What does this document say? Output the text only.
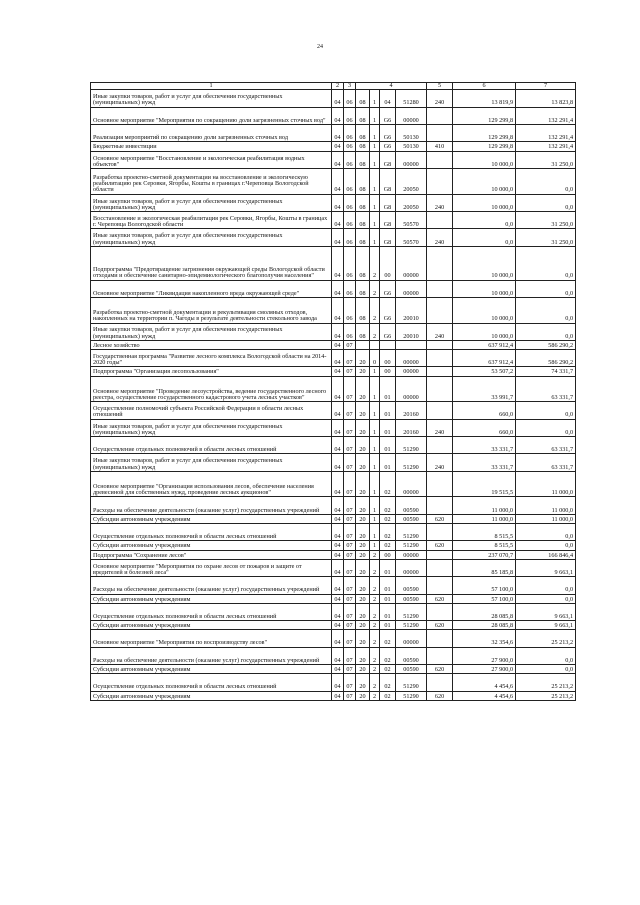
24
1	2	3	4				5	6	7
Иные закупки товаров, работ и услуг для обеспечения государственных (муниципальных) нужд	04	06	08	1	04	51280	240	13 819,9	13 823,8
Основное мероприятие "Мероприятия по сокращению доли загрязненных сточных вод"	04	06	08	1	G6	00000		129 299,8	132 291,4
Реализация мероприятий по сокращению доли загрязненных сточных вод	04	06	08	1	G6	50130		129 299,8	132 291,4
Бюджетные инвестиции	04	06	08	1	G6	50130	410	129 299,8	132 291,4
Основное мероприятие "Восстановление и экологическая реабилитация водных объектов"	04	06	08	1	G8	00000		10 000,0	31 250,0
Разработка проектно-сметной документации на восстановление и экологическую реабилитацию рек Серовки, Ягорбы, Кошты в границах г.Череповца Вологодской области	04	06	08	1	G8	20050		10 000,0	0,0
Иные закупки товаров, работ и услуг для обеспечения государственных (муниципальных) нужд	04	06	08	1	G8	20050	240	10 000,0	0,0
Восстановление и экологическая реабилитация рек Серовки, Ягорбы, Кошты в границах г. Череповца Вологодской области	04	06	08	1	G8	50570		0,0	31 250,0
Иные закупки товаров, работ и услуг для обеспечения государственных (муниципальных) нужд	04	06	08	1	G8	50570	240	0,0	31 250,0
Подпрограмма "Предотвращение загрязнения окружающей среды Вологодской области отходами и обеспечение санитарно-эпидемиологического благополучия населения"	04	06	08	2	00	00000		10 000,0	0,0
Основное мероприятие "Ликвидация накопленного вреда окружающей среде"	04	06	08	2	G6	00000		10 000,0	0,0
Разработка проектно-сметной документации и рекультивация смоляных отходов, накопленных на территории п. Чагоды в результате деятельности стекольного завода	04	06	08	2	G6	20010		10 000,0	0,0
Иные закупки товаров, работ и услуг для обеспечения государственных (муниципальных) нужд	04	06	08	2	G6	20010	240	10 000,0	0,0
Лесное хозяйство	04	07						637 912,4	586 290,2
Государственная программа "Развитие лесного комплекса Вологодской области на 2014-2020 годы"	04	07	20	0	00	00000		637 912,4	586 290,2
Подпрограмма "Организация лесопользования"	04	07	20	1	00	00000		53 507,2	74 331,7
Основное мероприятие "Проведение лесоустройства, ведение государственного лесного реестра, осуществление государственного кадастрового учета лесных участков"	04	07	20	1	01	00000		33 991,7	63 331,7
Осуществление полномочий субъекта Российской Федерации в области лесных отношений	04	07	20	1	01	20160		660,0	0,0
Иные закупки товаров, работ и услуг для обеспечения государственных (муниципальных) нужд	04	07	20	1	01	20160	240	660,0	0,0
Осуществление отдельных полномочий в области лесных отношений	04	07	20	1	01	51290		33 331,7	63 331,7
Иные закупки товаров, работ и услуг для обеспечения государственных (муниципальных) нужд	04	07	20	1	01	51290	240	33 331,7	63 331,7
Основное мероприятие "Организация использования лесов, обеспечение населения древесиной для собственных нужд, проведение лесных аукционов"	04	07	20	1	02	00000		19 515,5	11 000,0
Расходы на обеспечение деятельности (оказание услуг) государственных учреждений	04	07	20	1	02	00590		11 000,0	11 000,0
Субсидии автономным учреждениям	04	07	20	1	02	00590	620	11 000,0	11 000,0
Осуществление отдельных полномочий в области лесных отношений	04	07	20	1	02	51290		8 515,5	0,0
Субсидии автономным учреждениям	04	07	20	1	02	51290	620	8 515,5	0,0
Подпрограмма "Сохранение лесов"	04	07	20	2	00	00000		237 070,7	166 846,4
Основное мероприятие "Мероприятия по охране лесов от пожаров и защите от вредителей и болезней леса"	04	07	20	2	01	00000		85 185,8	9 663,1
Расходы на обеспечение деятельности (оказание услуг) государственных учреждений	04	07	20	2	01	00590		57 100,0	0,0
Субсидии автономным учреждениям	04	07	20	2	01	00590	620	57 100,0	0,0
Осуществление отдельных полномочий в области лесных отношений	04	07	20	2	01	51290		28 085,8	9 663,1
Субсидии автономным учреждениям	04	07	20	2	01	51290	620	28 085,8	9 663,1
Основное мероприятие "Мероприятия по воспроизводству лесов"	04	07	20	2	02	00000		32 354,6	25 213,2
Расходы на обеспечение деятельности (оказание услуг) государственных учреждений	04	07	20	2	02	00590		27 900,0	0,0
Субсидии автономным учреждениям	04	07	20	2	02	00590	620	27 900,0	0,0
Осуществление отдельных полномочий в области лесных отношений	04	07	20	2	02	51290		4 454,6	25 213,2
Субсидии автономным учреждениям	04	07	20	2	02	51290	620	4 454,6	25 213,2
